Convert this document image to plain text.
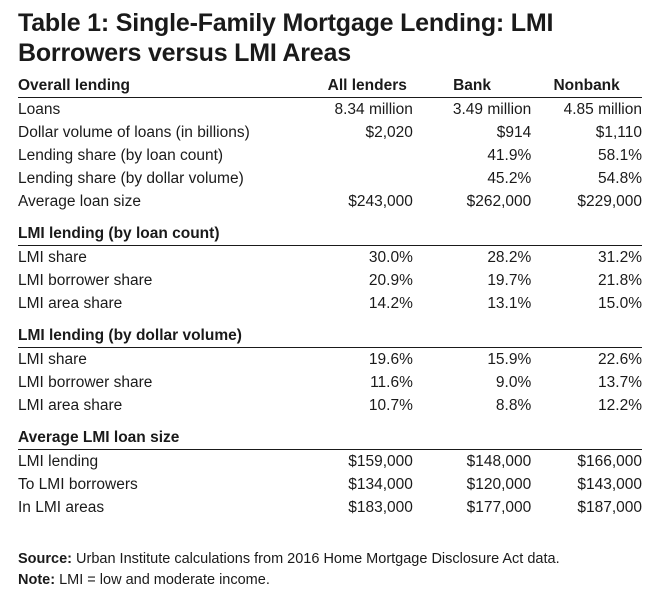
Table 1: Single-Family Mortgage Lending: LMI Borrowers versus LMI Areas
Overall lending	All lenders	Bank	Nonbank
Loans	8.34 million	3.49 million	4.85 million
Dollar volume of loans (in billions)	$2,020	$914	$1,110
Lending share (by loan count)		41.9%	58.1%
Lending share (by dollar volume)		45.2%	54.8%
Average loan size	$243,000	$262,000	$229,000
LMI lending (by loan count)			
LMI share	30.0%	28.2%	31.2%
LMI borrower share	20.9%	19.7%	21.8%
LMI area share	14.2%	13.1%	15.0%
LMI lending (by dollar volume)			
LMI share	19.6%	15.9%	22.6%
LMI borrower share	11.6%	9.0%	13.7%
LMI area share	10.7%	8.8%	12.2%
Average LMI loan size			
LMI lending	$159,000	$148,000	$166,000
To LMI borrowers	$134,000	$120,000	$143,000
In LMI areas	$183,000	$177,000	$187,000
Source: Urban Institute calculations from 2016 Home Mortgage Disclosure Act data.
Note: LMI = low and moderate income.
